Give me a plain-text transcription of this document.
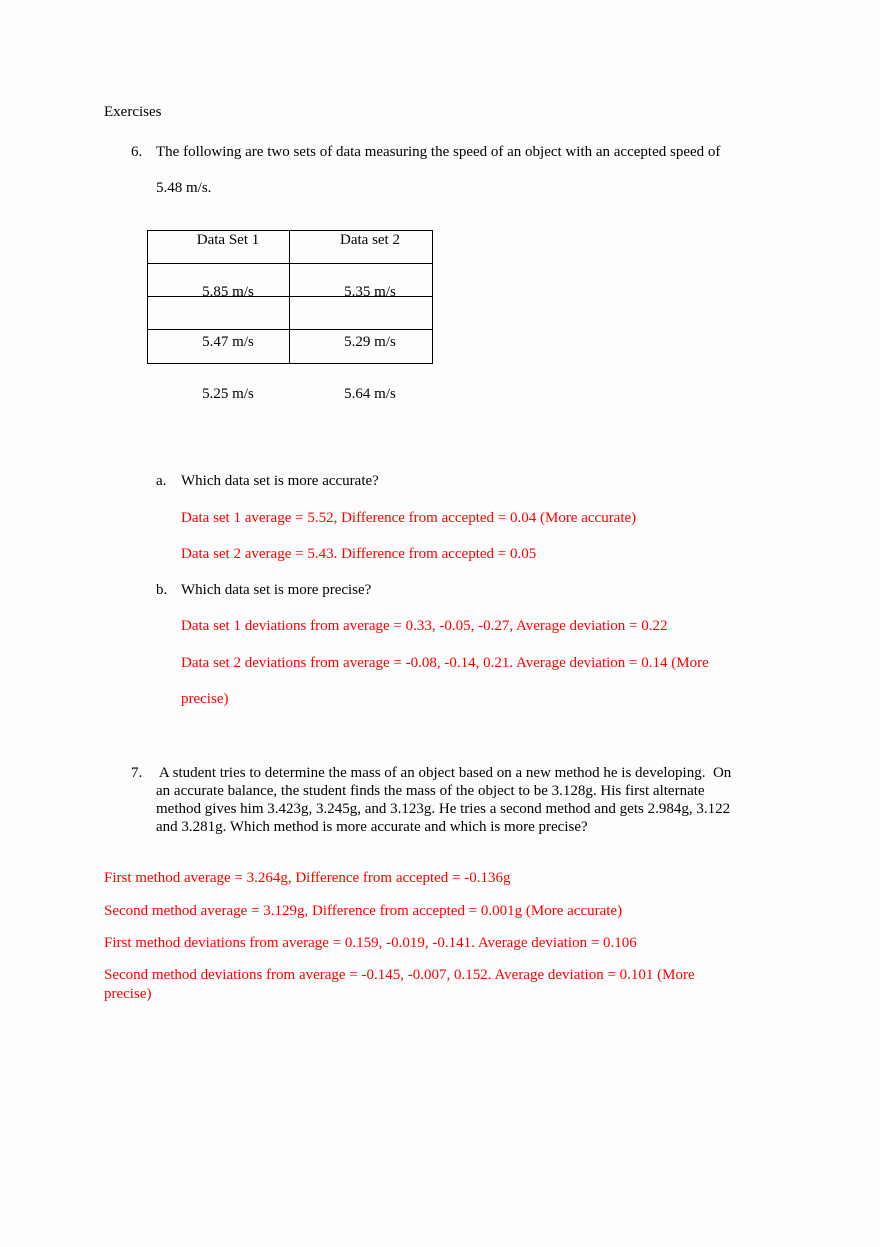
Exercises
6. The following are two sets of data measuring the speed of an object with an accepted speed of
5.48 m/s.
Data Set 1	Data set 2
5.85 m/s	5.35 m/s
5.47 m/s	5.29 m/s
5.25 m/s	5.64 m/s
a. Which data set is more accurate?
Data set 1 average = 5.52, Difference from accepted = 0.04 (More accurate)
Data set 2 average = 5.43. Difference from accepted = 0.05
b. Which data set is more precise?
Data set 1 deviations from average = 0.33, -0.05, -0.27, Average deviation = 0.22
Data set 2 deviations from average = -0.08, -0.14, 0.21. Average deviation = 0.14 (More
precise)
7. A student tries to determine the mass of an object based on a new method he is developing.  On
an accurate balance, the student finds the mass of the object to be 3.128g. His first alternate
method gives him 3.423g, 3.245g, and 3.123g. He tries a second method and gets 2.984g, 3.122
and 3.281g. Which method is more accurate and which is more precise?
First method average = 3.264g, Difference from accepted = -0.136g
Second method average = 3.129g, Difference from accepted = 0.001g (More accurate)
First method deviations from average = 0.159, -0.019, -0.141. Average deviation = 0.106
Second method deviations from average = -0.145, -0.007, 0.152. Average deviation = 0.101 (More
precise)
